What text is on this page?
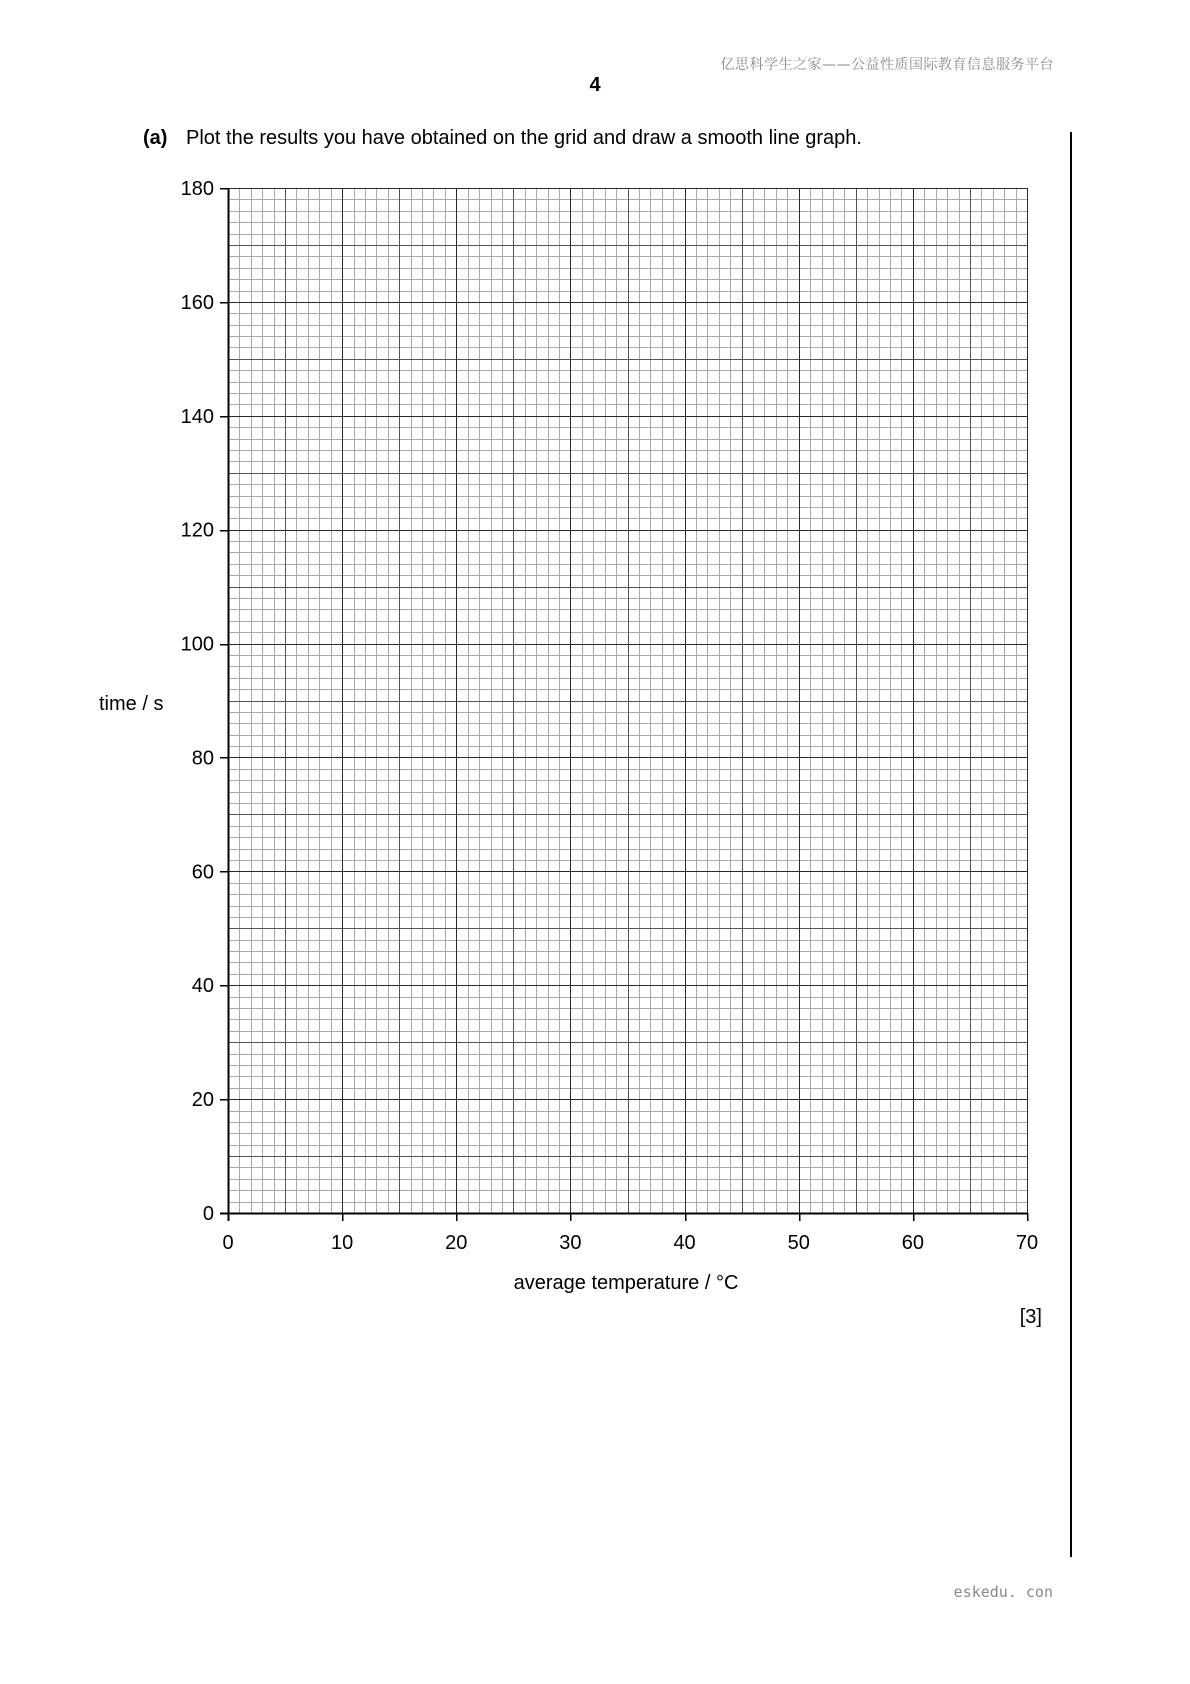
亿思科学生之家——公益性质国际教育信息服务平台
4
(a) Plot the results you have obtained on the grid and draw a smooth line graph.
0	10	20	30	40	50	60	70
0
20
40
60
80
100
120
140
160
180
time / s
average temperature / °C
[3]
eskedu. con
